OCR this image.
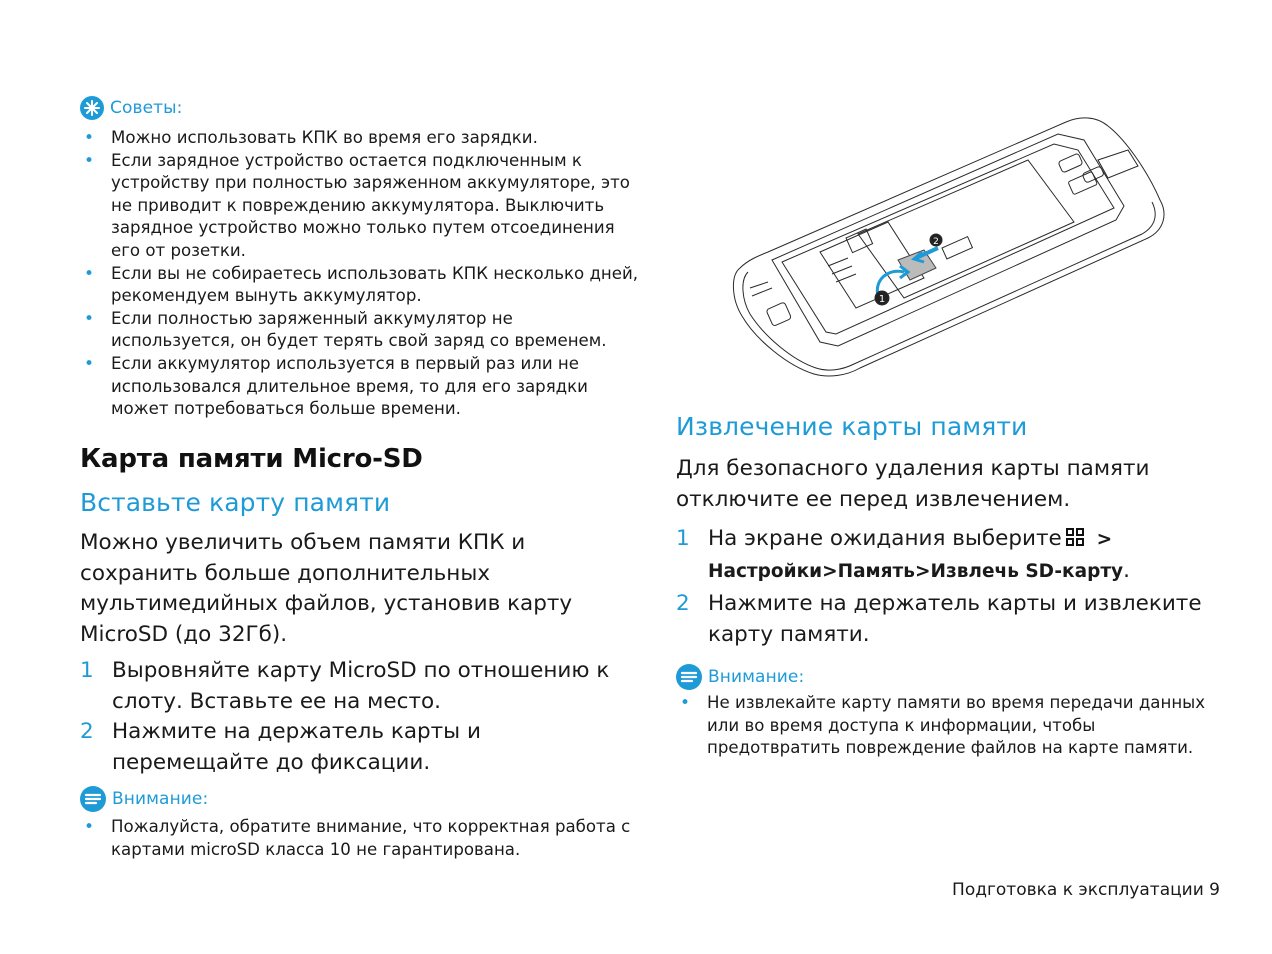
Советы:
• Можно использовать КПК во время его зарядки.
• Если зарядное устройство остается подключенным к устройству при полностью заряженном аккумуляторе, это не приводит к повреждению аккумулятора. Выключить зарядное устройство можно только путем отсоединения его от розетки.
• Если вы не собираетесь использовать КПК несколько дней, рекомендуем вынуть аккумулятор.
• Если полностью заряженный аккумулятор не используется, он будет терять свой заряд со временем.
• Если аккумулятор используется в первый раз или не использовался длительное время, то для его зарядки может потребоваться больше времени.
Карта памяти Micro-SD
Вставьте карту памяти
Можно увеличить объем памяти КПК и сохранить больше дополнительных мультимедийных файлов, установив карту MicroSD (до 32Гб).
1 Выровняйте карту MicroSD по отношению к слоту. Вставьте ее на место.
2 Нажмите на держатель карты и перемещайте до фиксации.
Внимание:
• Пожалуйста, обратите внимание, что корректная работа с картами microSD класса 10 не гарантирована.
1
2
Извлечение карты памяти
Для безопасного удаления карты памяти отключите ее перед извлечением.
1 На экране ожидания выберите >
Настройки>Память>Извлечь SD-карту.
2 Нажмите на держатель карты и извлеките карту памяти.
Внимание:
• Не извлекайте карту памяти во время передачи данных или во время доступа к информации, чтобы предотвратить повреждение файлов на карте памяти.
Подготовка к эксплуатации 9
